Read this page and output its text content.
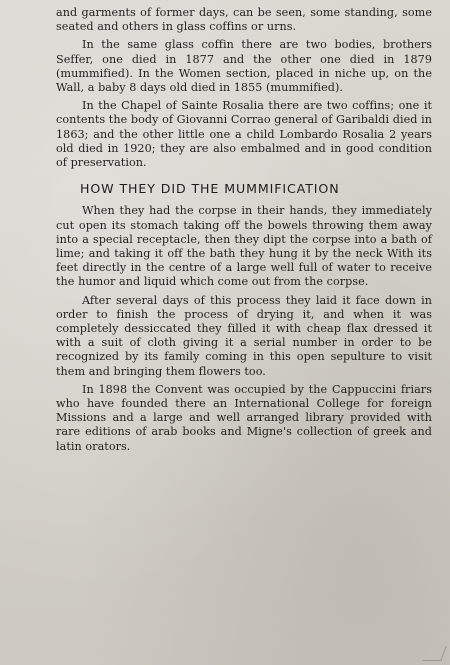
and garments of former days, can be seen, some standing, some seated and others in glass coffins or urns.

In the same glass coffin there are two bodies, brothers Seffer, one died in 1877 and the other one died in 1879 (mummified). In the Women section, placed in niche up, on the Wall, a baby 8 days old died in 1855 (mummified).

In the Chapel of Sainte Rosalia there are two coffins; one it contents the body of Giovanni Corrao general of Garibaldi died in 1863; and the other little one a child Lombardo Rosalia 2 years old died in 1920; they are also embalmed and in good condition of preservation.

HOW THEY DID THE MUMMIFICATION

When they had the corpse in their hands, they immediately cut open its stomach taking off the bowels throwing them away into a special receptacle, then they dipt the corpse into a bath of lime; and taking it off the bath they hung it by the neck With its feet directly in the centre of a large well full of water to receive the humor and liquid which come out from the corpse.

After several days of this process they laid it face down in order to finish the process of drying it, and when it was completely dessiccated they filled it with cheap flax dressed it with a suit of cloth giving it a serial number in order to be recognized by its family coming in this open sepulture to visit them and bringing them flowers too.

In 1898 the Convent was occupied by the Cappuccini friars who have founded there an International College for foreign Missions and a large and well arranged library provided with rare editions of arab books and Migne's collection of greek and latin orators.
